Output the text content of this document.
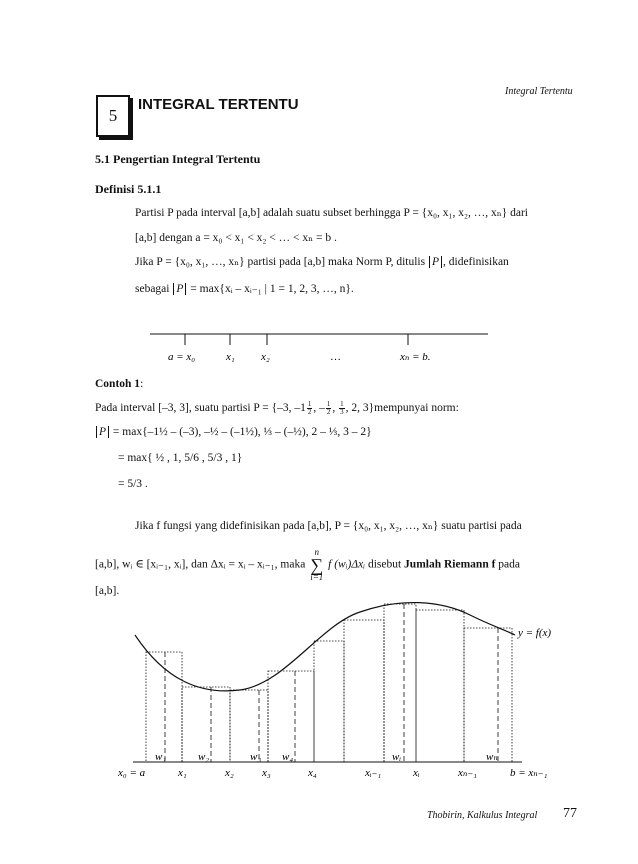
Integral Tertentu
5
INTEGRAL TERTENTU
5.1 Pengertian Integral Tertentu
Definisi 5.1.1
Partisi P pada interval [a,b] adalah suatu subset berhingga P = {x₀, x₁, x₂, …, xₙ} dari
[a,b] dengan a = x₀ < x₁ < x₂ < … < xₙ = b .
Jika P = {x₀, x₁, …, xₙ} partisi pada [a,b] maka Norm P, ditulis P , didefinisikan
sebagai P = max{xᵢ – xᵢ₋₁ | 1 = 1, 2, 3, …, n}.
a = x₀	x₁ x₂	…	xₙ = b.
Contoh 1:
Pada interval [–3, 3], suatu partisi P = {–3, $-1 \frac{1}{2}$ , – $\frac{1}{2}$ , $\frac{1}{3}$ , 2, 3}mempunyai norm:
P = max{–1½ – (–3), –½ – (–1½), ⅓ – (–½), 2 – ⅓, 3 – 2}
= max{ ½ , 1, 5/6 , 5/3 , 1}
= 5/3 .
Jika f fungsi yang didefinisikan pada [a,b], P = {x₀, x₁, x₂, …, xₙ} suatu partisi pada
[a,b], wᵢ ∈ [xᵢ₋₁, xᵢ], dan Δxᵢ = xᵢ – xᵢ₋₁, maka
n
∑
i=1
f (wᵢ)Δxᵢ disebut Jumlah Riemann f pada
[a,b].
y = f(x)
w₁	w₂	w₃ w₄	wᵢ	wₙ
x₀ = a	x₁	x₂	x₃	x₄	xᵢ₋₁	xᵢ	xₙ₋₁	b = xₙ₋₁
Thobirin, Kalkulus Integral 77
